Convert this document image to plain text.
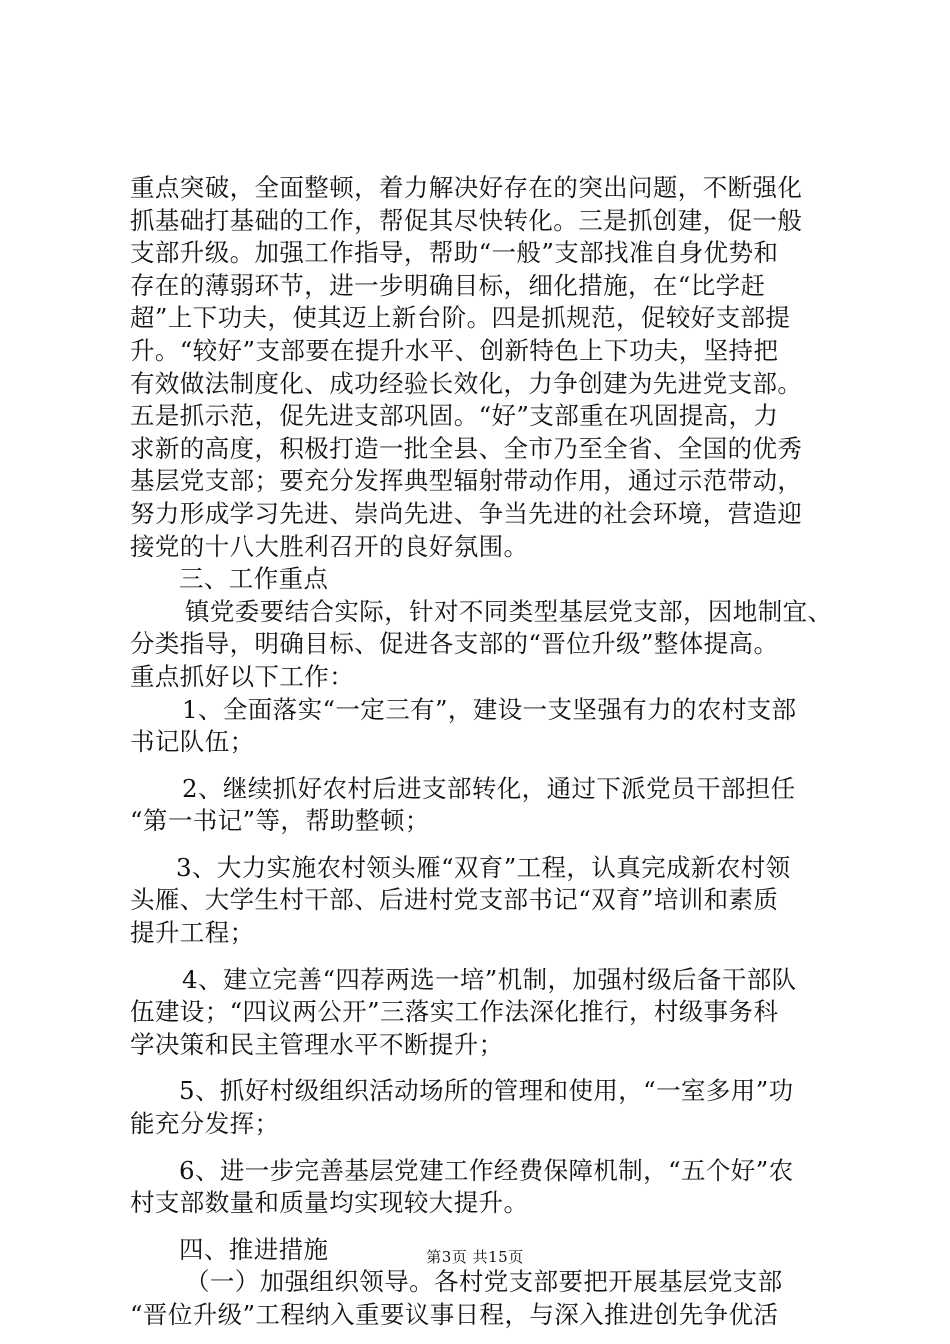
重点突破，全面整顿，着力解决好存在的突出问题，不断强化
抓基础打基础的工作，帮促其尽快转化。三是抓创建，促一般
支部升级。加强工作指导，帮助“一般”支部找准自身优势和
存在的薄弱环节，进一步明确目标，细化措施，在“比学赶
超”上下功夫，使其迈上新台阶。四是抓规范，促较好支部提
升。“较好”支部要在提升水平、创新特色上下功夫，坚持把
有效做法制度化、成功经验长效化，力争创建为先进党支部。
五是抓示范，促先进支部巩固。“好”支部重在巩固提高，力
求新的高度，积极打造一批全县、全市乃至全省、全国的优秀
基层党支部；要充分发挥典型辐射带动作用，通过示范带动，
努力形成学习先进、崇尚先进、争当先进的社会环境，营造迎
接党的十八大胜利召开的良好氛围。
三、工作重点
镇党委要结合实际，针对不同类型基层党支部，因地制宜、
分类指导，明确目标、促进各支部的“晋位升级”整体提高。
重点抓好以下工作：
1、全面落实“一定三有”，建设一支坚强有力的农村支部
书记队伍；
2、继续抓好农村后进支部转化，通过下派党员干部担任
“第一书记”等，帮助整顿；
3、大力实施农村领头雁“双育”工程，认真完成新农村领
头雁、大学生村干部、后进村党支部书记“双育”培训和素质
提升工程；
4、建立完善“四荐两选一培”机制，加强村级后备干部队
伍建设；“四议两公开”三落实工作法深化推行，村级事务科
学决策和民主管理水平不断提升；
5、抓好村级组织活动场所的管理和使用，“一室多用”功
能充分发挥；
6、进一步完善基层党建工作经费保障机制，“五个好”农
村支部数量和质量均实现较大提升。
四、推进措施
（一）加强组织领导。各村党支部要把开展基层党支部
“晋位升级”工程纳入重要议事日程，与深入推进创先争优活
第3页 共15页
